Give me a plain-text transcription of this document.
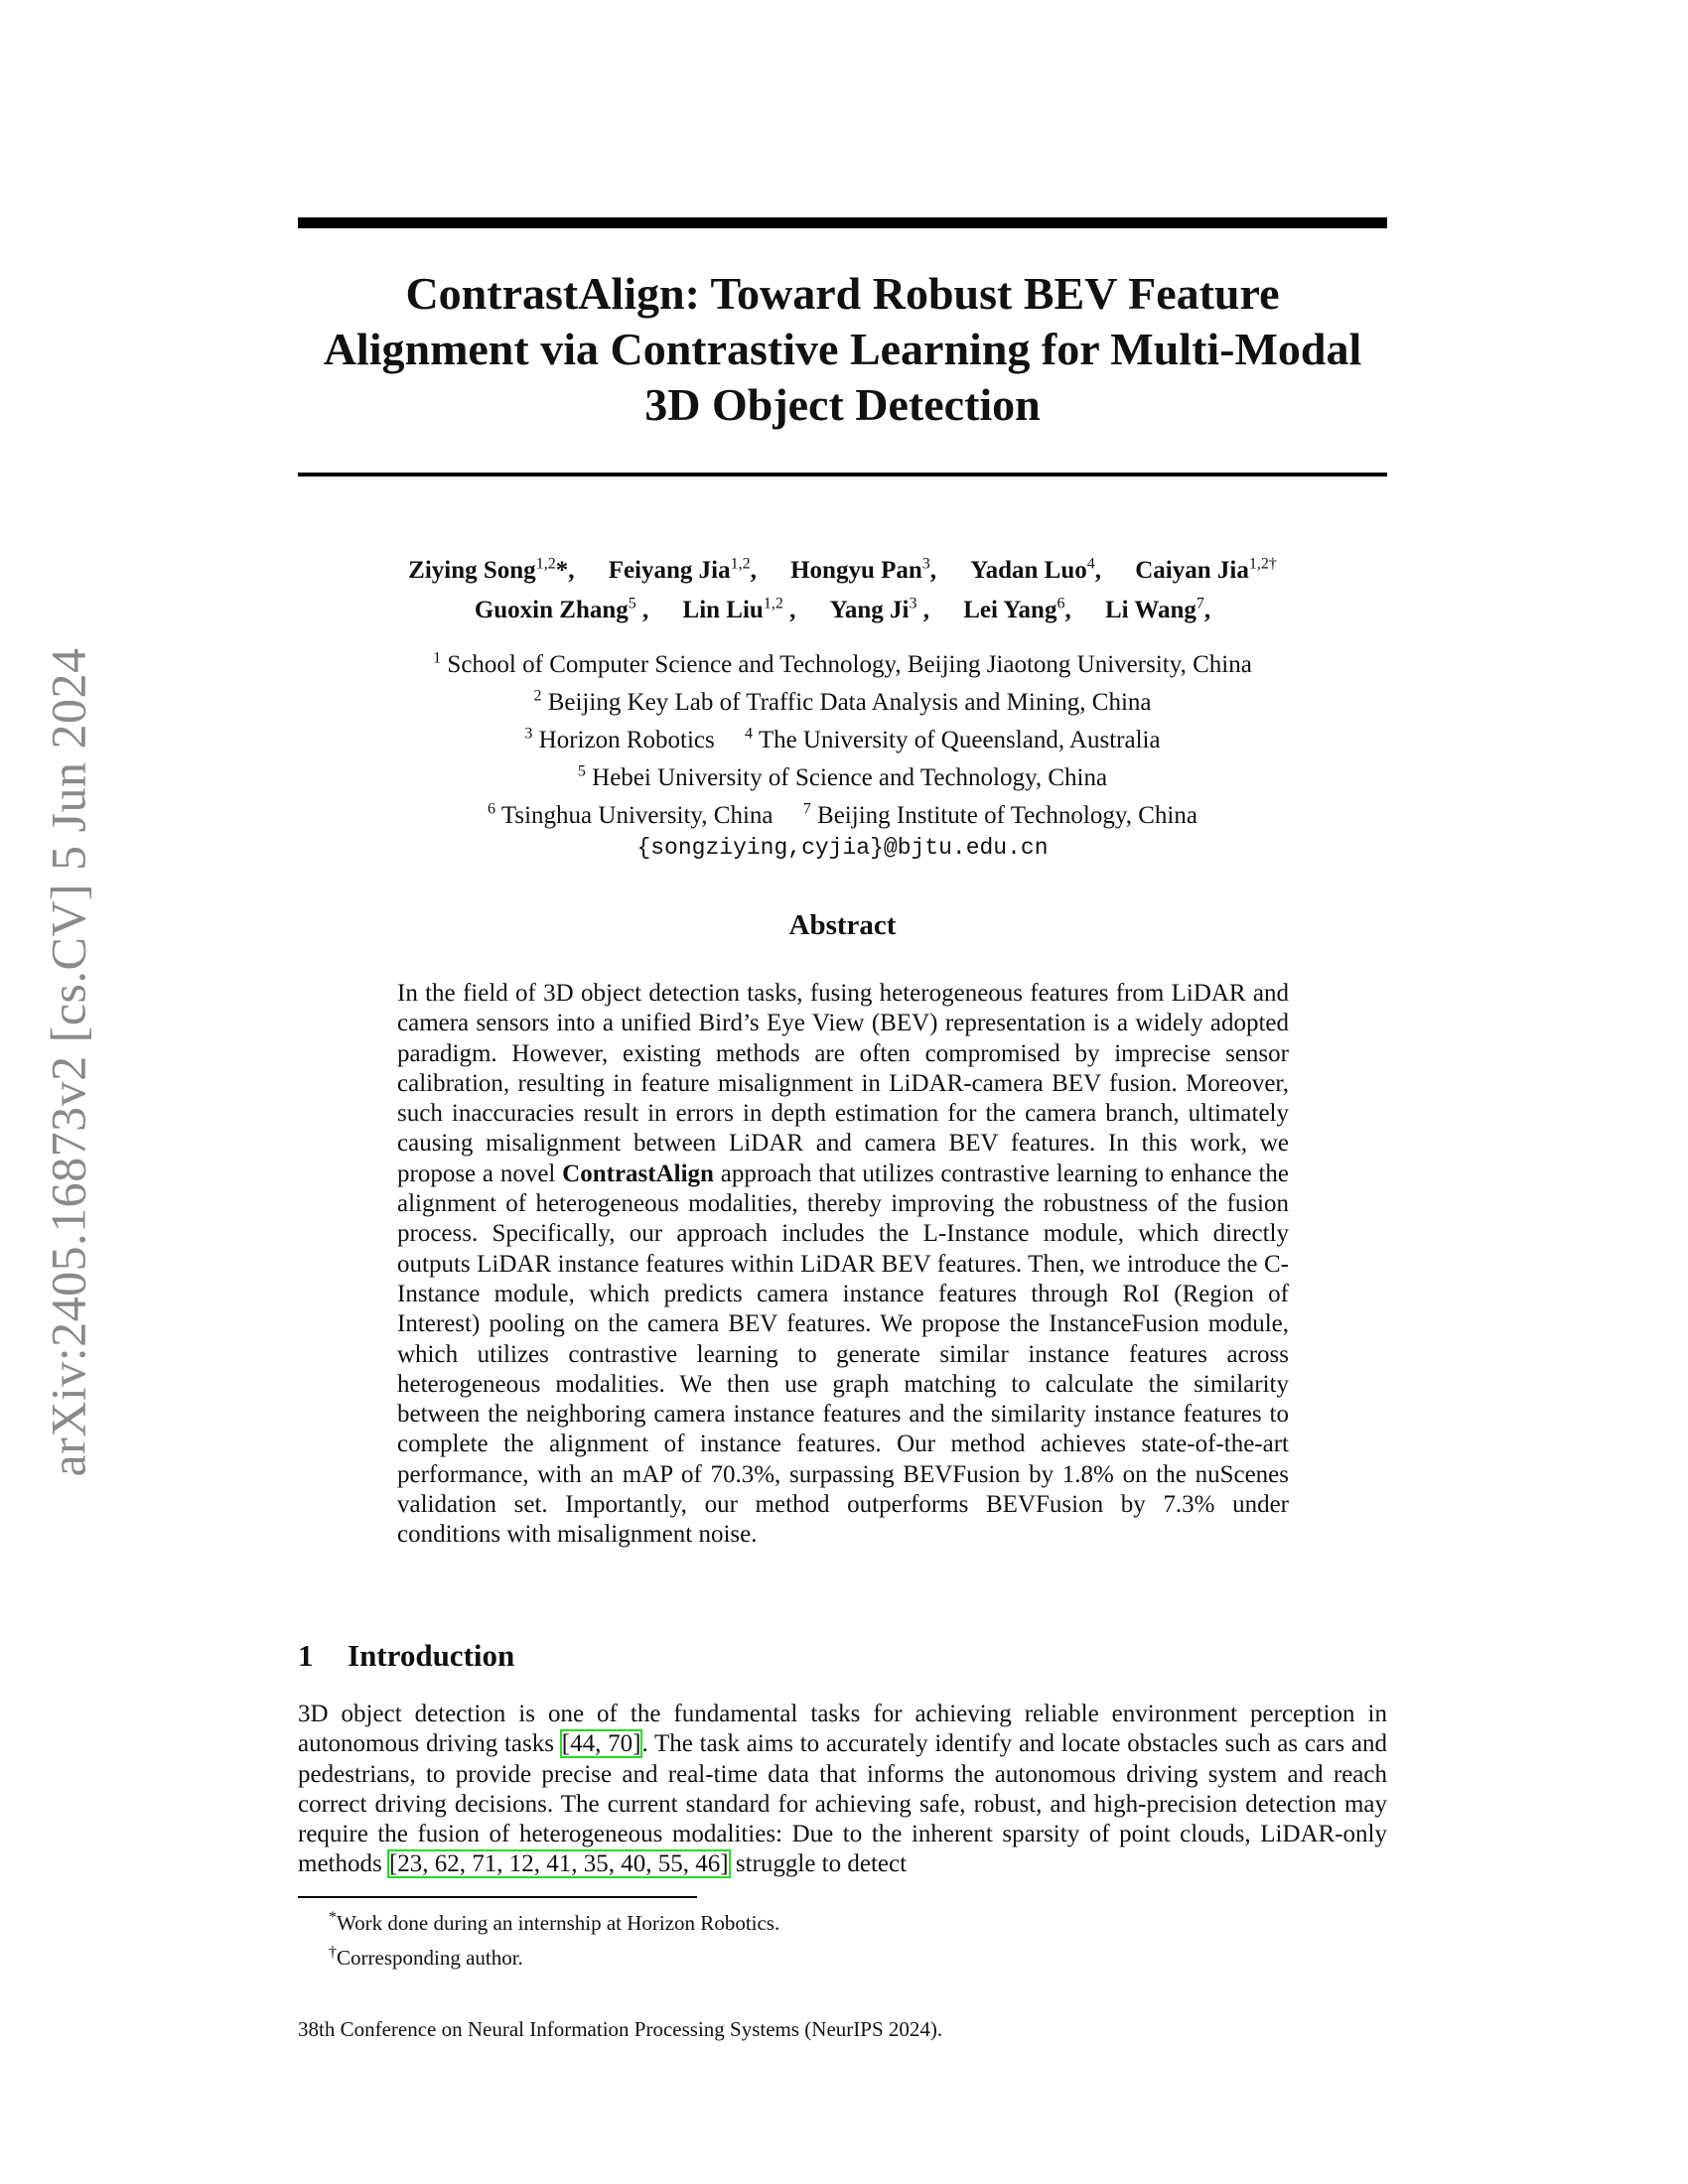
arXiv:2405.16873v2 [cs.CV] 5 Jun 2024
ContrastAlign: Toward Robust BEV Feature
Alignment via Contrastive Learning for Multi-Modal
3D Object Detection
Ziying Song$^{1,2}$*, Feiyang Jia$^{1,2}$, Hongyu Pan$^3$, Yadan Luo$^4$, Caiyan Jia$^{1,2\dagger}$
Guoxin Zhang$^5$ , Lin Liu$^{1,2}$ , Yang Ji$^3$ , Lei Yang$^6$, Li Wang$^7$,
$^1$ School of Computer Science and Technology, Beijing Jiaotong University, China
$^2$ Beijing Key Lab of Traffic Data Analysis and Mining, China
$^3$ Horizon Robotics $^4$ The University of Queensland, Australia
$^5$ Hebei University of Science and Technology, China
$^6$ Tsinghua University, China $^7$ Beijing Institute of Technology, China
{songziying,cyjia}@bjtu.edu.cn
Abstract
In the field of 3D object detection tasks, fusing heterogeneous features from LiDAR and camera sensors into a unified Bird’s Eye View (BEV) representation is a widely adopted paradigm. However, existing methods are often compromised by imprecise sensor calibration, resulting in feature misalignment in LiDAR-camera BEV fusion. Moreover, such inaccuracies result in errors in depth estimation for the camera branch, ultimately causing misalignment between LiDAR and camera BEV features. In this work, we propose a novel ContrastAlign approach that utilizes contrastive learning to enhance the alignment of heterogeneous modalities, thereby improving the robustness of the fusion process. Specifically, our approach includes the L-Instance module, which directly outputs LiDAR instance features within LiDAR BEV features. Then, we introduce the C-Instance module, which predicts camera instance features through RoI (Region of Interest) pooling on the camera BEV features. We propose the InstanceFusion module, which utilizes contrastive learning to generate similar instance features across heterogeneous modalities. We then use graph matching to calculate the similarity between the neighboring camera instance features and the similarity instance features to complete the alignment of instance features. Our method achieves state-of-the-art performance, with an mAP of 70.3%, surpassing BEVFusion by 1.8% on the nuScenes validation set. Importantly, our method outperforms BEVFusion by 7.3% under conditions with misalignment noise.
1 Introduction
3D object detection is one of the fundamental tasks for achieving reliable environment perception in autonomous driving tasks [44, 70]. The task aims to accurately identify and locate obstacles such as cars and pedestrians, to provide precise and real-time data that informs the autonomous driving system and reach correct driving decisions. The current standard for achieving safe, robust, and high-precision detection may require the fusion of heterogeneous modalities: Due to the inherent sparsity of point clouds, LiDAR-only methods [23, 62, 71, 12, 41, 35, 40, 55, 46] struggle to detect
*Work done during an internship at Horizon Robotics.
†Corresponding author.
38th Conference on Neural Information Processing Systems (NeurIPS 2024).
